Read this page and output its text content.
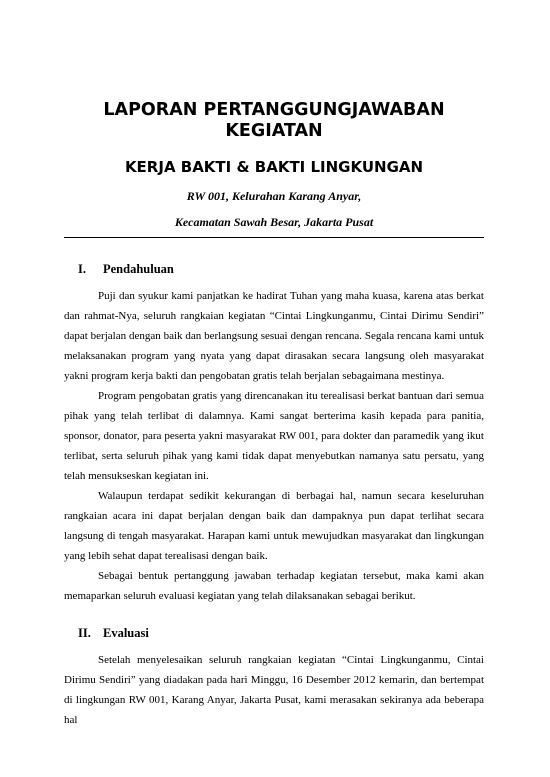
LAPORAN PERTANGGUNGJAWABAN
KEGIATAN
KERJA BAKTI & BAKTI LINGKUNGAN

RW 001, Kelurahan Karang Anyar,

Kecamatan Sawah Besar, Jakarta Pusat

I.	Pendahuluan

Puji dan syukur kami panjatkan ke hadirat Tuhan yang maha kuasa, karena atas berkat dan rahmat-Nya, seluruh rangkaian kegiatan “Cintai Lingkunganmu, Cintai Dirimu Sendiri” dapat berjalan dengan baik dan berlangsung sesuai dengan rencana. Segala rencana kami untuk melaksanakan program yang nyata yang dapat dirasakan secara langsung oleh masyarakat yakni program kerja bakti dan pengobatan gratis telah berjalan sebagaimana mestinya.

Program pengobatan gratis yang direncanakan itu terealisasi berkat bantuan dari semua pihak yang telah terlibat di dalamnya. Kami sangat berterima kasih kepada para panitia, sponsor, donator, para peserta yakni masyarakat RW 001, para dokter dan paramedik yang ikut terlibat, serta seluruh pihak yang kami tidak dapat menyebutkan namanya satu persatu, yang telah mensukseskan kegiatan ini.

Walaupun terdapat sedikit kekurangan di berbagai hal, namun secara keseluruhan rangkaian acara ini dapat berjalan dengan baik dan dampaknya pun dapat terlihat secara langsung di tengah masyarakat. Harapan kami untuk mewujudkan masyarakat dan lingkungan yang lebih sehat dapat terealisasi dengan baik.

Sebagai bentuk pertanggung jawaban terhadap kegiatan tersebut, maka kami akan memaparkan seluruh evaluasi kegiatan yang telah dilaksanakan sebagai berikut.

II. Evaluasi

Setelah menyelesaikan seluruh rangkaian kegiatan “Cintai Lingkunganmu, Cintai Dirimu Sendiri” yang diadakan pada hari Minggu, 16 Desember 2012 kemarin, dan bertempat di lingkungan RW 001, Karang Anyar, Jakarta Pusat, kami merasakan sekiranya ada beberapa hal
